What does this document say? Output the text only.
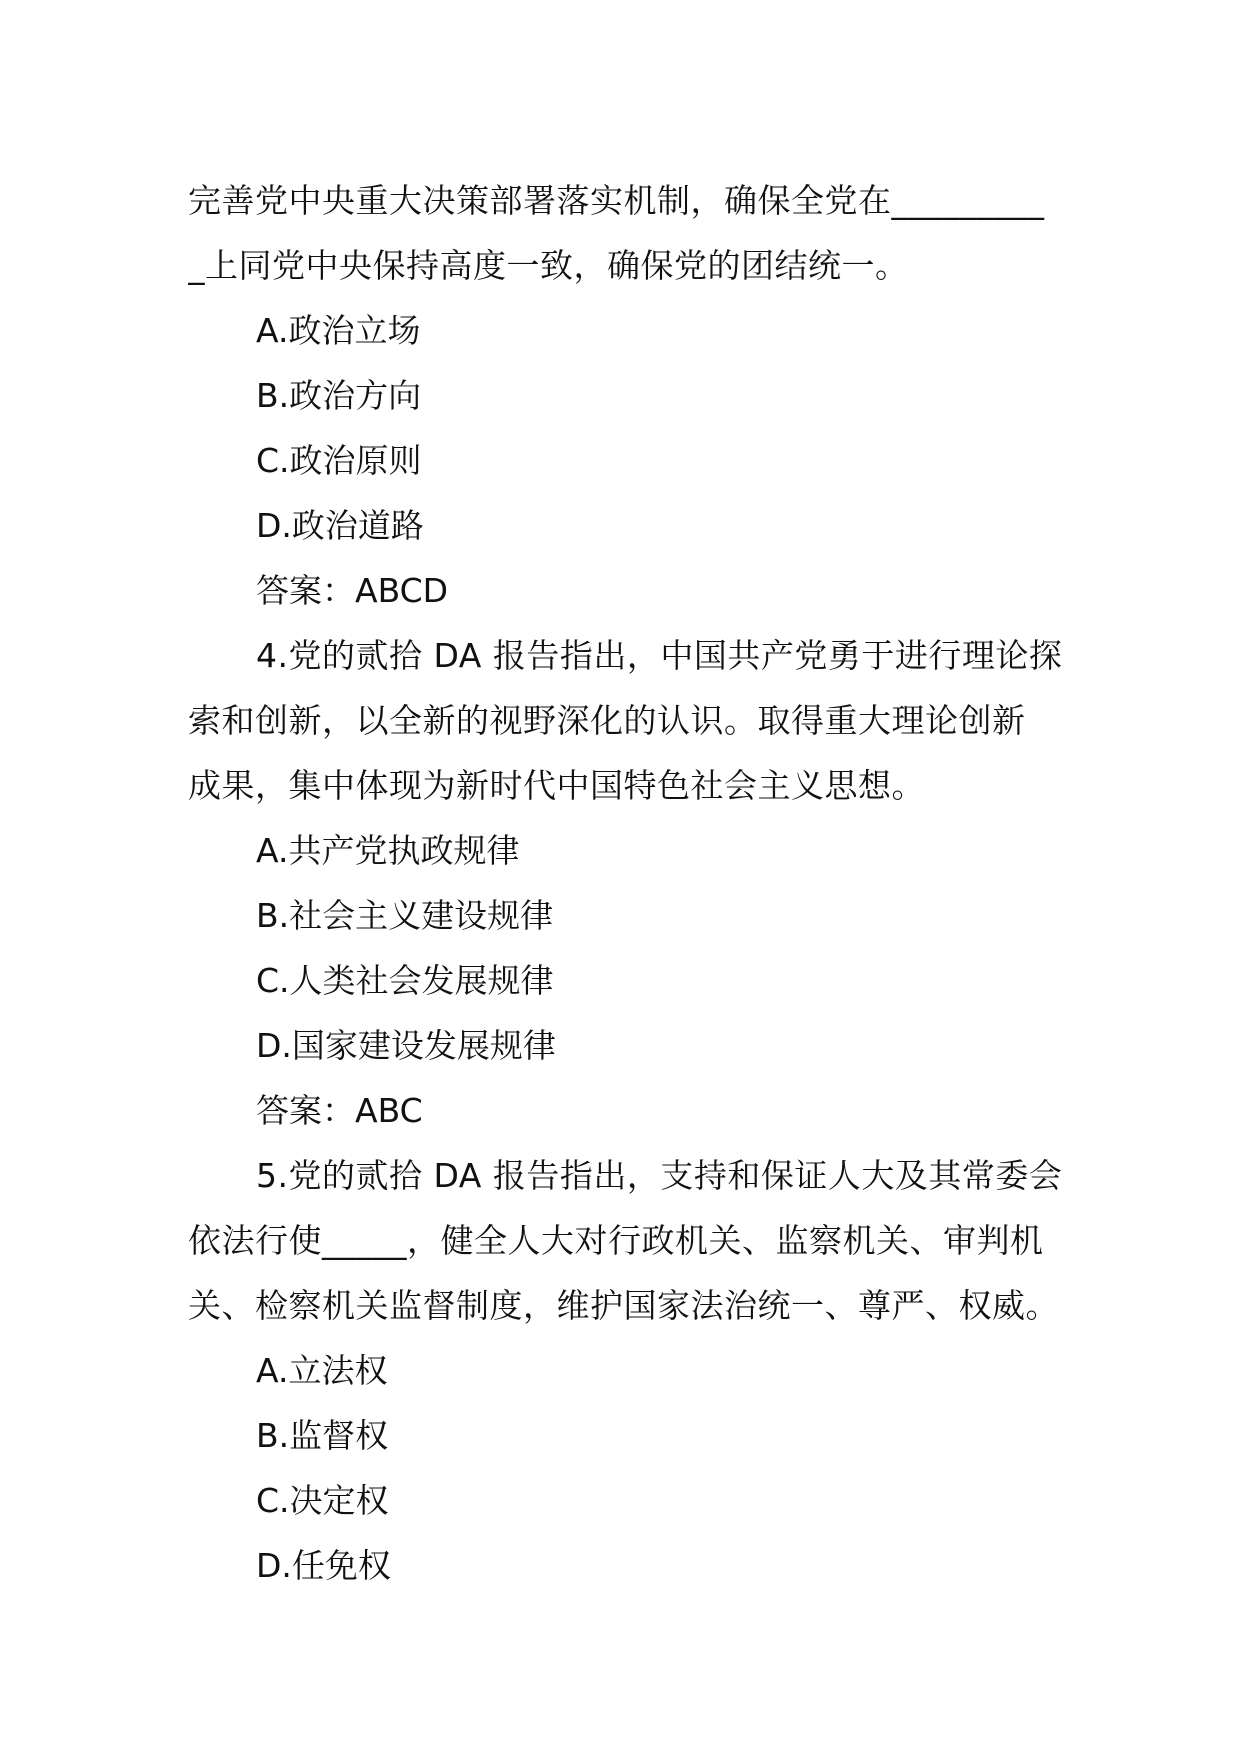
完善党中央重大决策部署落实机制，确保全党在_________
_上同党中央保持高度一致，确保党的团结统一。
A.政治立场
B.政治方向
C.政治原则
D.政治道路
答案：ABCD
4.党的贰拾 DA 报告指出，中国共产党勇于进行理论探
索和创新，以全新的视野深化的认识。取得重大理论创新
成果，集中体现为新时代中国特色社会主义思想。
A.共产党执政规律
B.社会主义建设规律
C.人类社会发展规律
D.国家建设发展规律
答案：ABC
5.党的贰拾 DA 报告指出，支持和保证人大及其常委会
依法行使_____，健全人大对行政机关、监察机关、审判机
关、检察机关监督制度，维护国家法治统一、尊严、权威。
A.立法权
B.监督权
C.决定权
D.任免权
